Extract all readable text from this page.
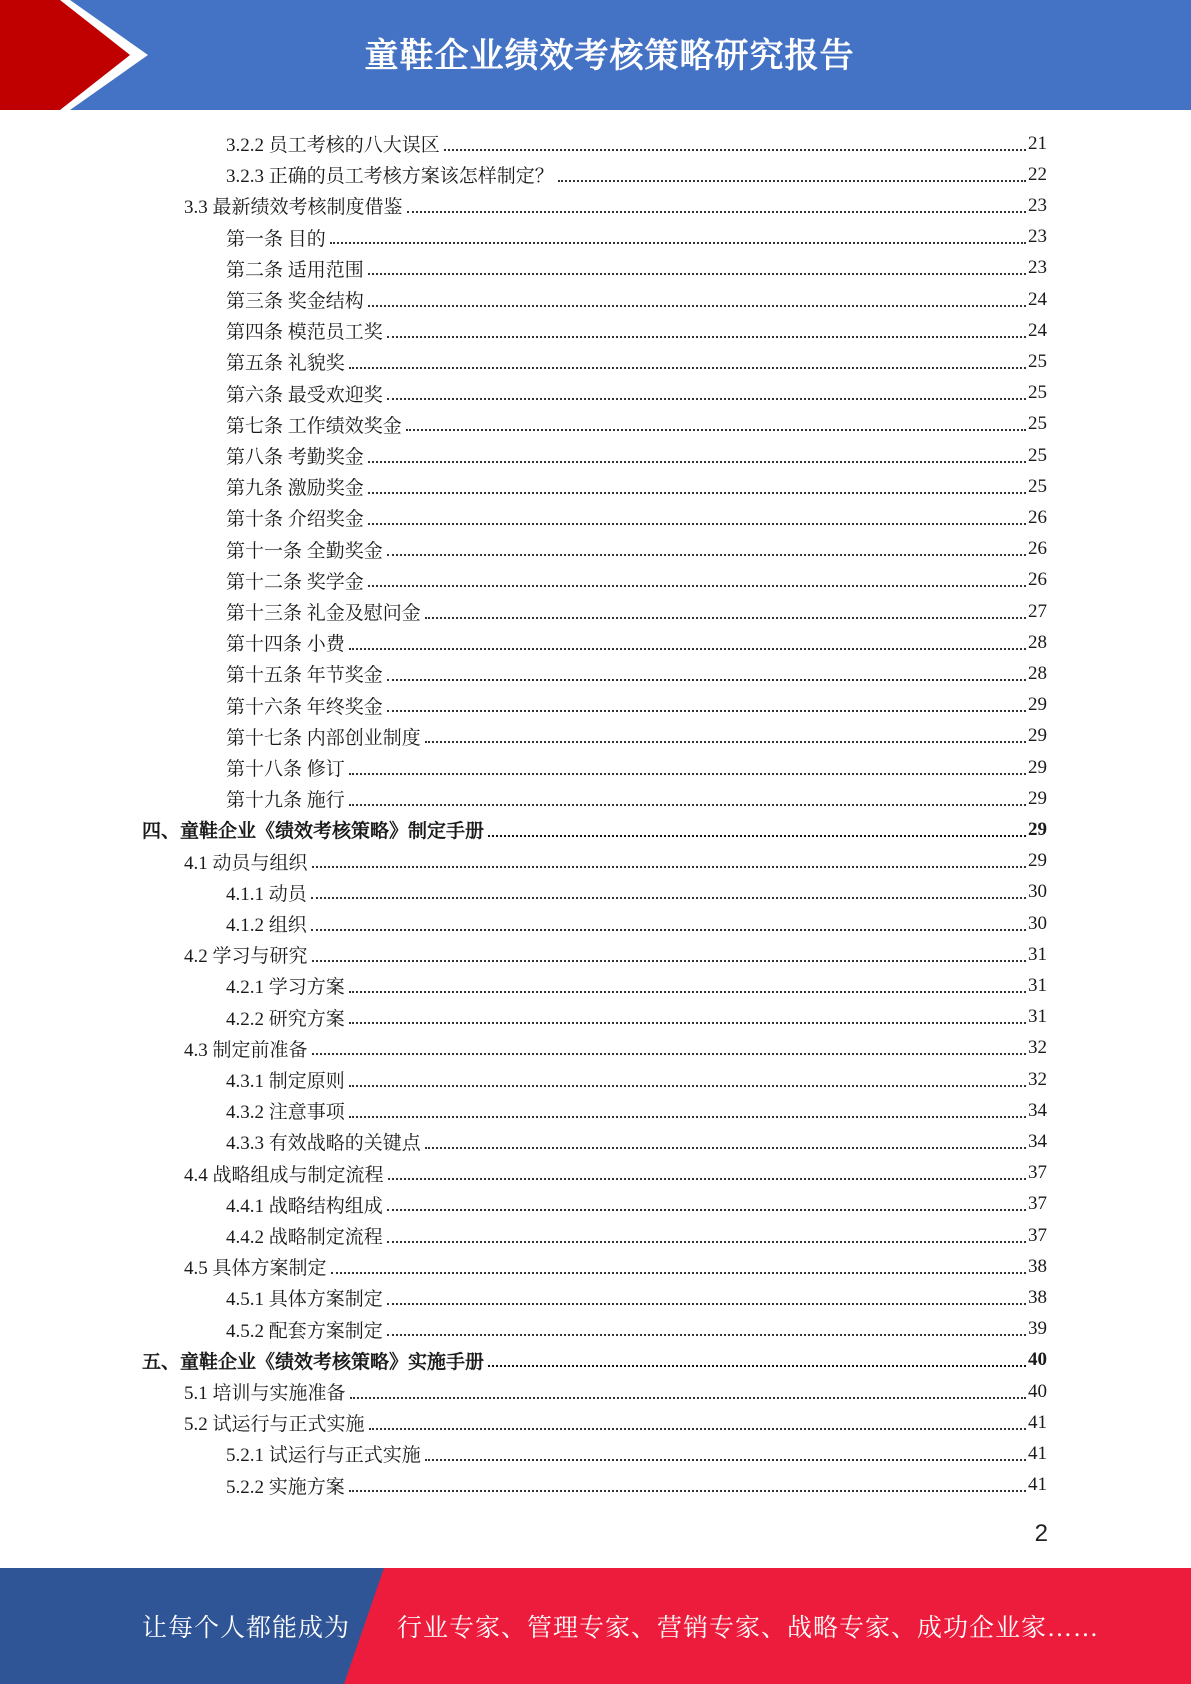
童鞋企业绩效考核策略研究报告
3.2.2 员工考核的八大误区	21
3.2.3 正确的员工考核方案该怎样制定？	22
3.3 最新绩效考核制度借鉴	23
第一条 目的	23
第二条 适用范围	23
第三条 奖金结构	24
第四条 模范员工奖	24
第五条 礼貌奖	25
第六条 最受欢迎奖	25
第七条 工作绩效奖金	25
第八条 考勤奖金	25
第九条 激励奖金	25
第十条 介绍奖金	26
第十一条 全勤奖金	26
第十二条 奖学金	26
第十三条 礼金及慰问金	27
第十四条 小费	28
第十五条 年节奖金	28
第十六条 年终奖金	29
第十七条 内部创业制度	29
第十八条 修订	29
第十九条 施行	29
四、童鞋企业《绩效考核策略》制定手册	29
4.1 动员与组织	29
4.1.1 动员	30
4.1.2 组织	30
4.2 学习与研究	31
4.2.1 学习方案	31
4.2.2 研究方案	31
4.3 制定前准备	32
4.3.1 制定原则	32
4.3.2 注意事项	34
4.3.3 有效战略的关键点	34
4.4 战略组成与制定流程	37
4.4.1 战略结构组成	37
4.4.2 战略制定流程	37
4.5 具体方案制定	38
4.5.1 具体方案制定	38
4.5.2 配套方案制定	39
五、童鞋企业《绩效考核策略》实施手册	40
5.1 培训与实施准备	40
5.2 试运行与正式实施	41
5.2.1 试运行与正式实施	41
5.2.2 实施方案	41
2
让每个人都能成为 行业专家、管理专家、营销专家、战略专家、成功企业家……
